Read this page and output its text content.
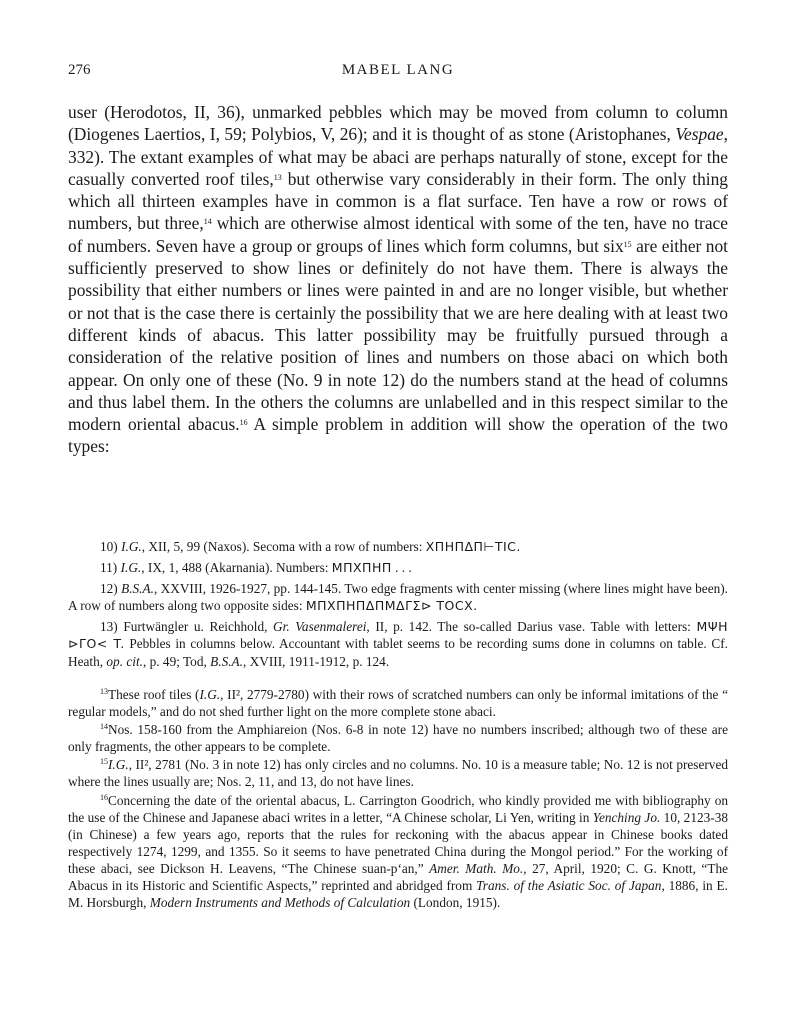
276	MABEL LANG
user (Herodotos, II, 36), unmarked pebbles which may be moved from column to column (Diogenes Laertios, I, 59; Polybios, V, 26); and it is thought of as stone (Aristophanes, Vespae, 332). The extant examples of what may be abaci are perhaps naturally of stone, except for the casually converted roof tiles,$^{13}$ but otherwise vary considerably in their form. The only thing which all thirteen examples have in common is a flat surface. Ten have a row or rows of numbers, but three,$^{14}$ which are otherwise almost identical with some of the ten, have no trace of numbers. Seven have a group or groups of lines which form columns, but six$^{15}$ are either not sufficiently preserved to show lines or definitely do not have them. There is always the possibility that either numbers or lines were painted in and are no longer visible, but whether or not that is the case there is certainly the possibility that we are here dealing with at least two different kinds of abacus. This latter possibility may be fruitfully pursued through a consideration of the relative position of lines and numbers on those abaci on which both appear. On only one of these (No. 9 in note 12) do the numbers stand at the head of columns and thus label them. In the others the columns are unlabelled and in this respect similar to the modern oriental abacus.$^{16}$ A simple problem in addition will show the operation of the two types:

10) I.G., XII, 5, 99 (Naxos). Secoma with a row of numbers: XΠHΠΔΠ⊢TIC.

11) I.G., IX, 1, 488 (Akarnania). Numbers: MΠXΠHΠ . . .

12) B.S.A., XXVIII, 1926-1927, pp. 144-145. Two edge fragments with center missing (where lines might have been). A row of numbers along two opposite sides: MΠXΠHΠΔΠMΔΓΣ⊳ TOCX.

13) Furtwängler u. Reichhold, Gr. Vasenmalerei, II, p. 142. The so-called Darius vase. Table with letters: MΨH ⊳ΓO< T. Pebbles in columns below. Accountant with tablet seems to be recording sums done in columns on table. Cf. Heath, op. cit., p. 49; Tod, B.S.A., XVIII, 1911-1912, p. 124.

$^{13}$These roof tiles (I.G., II², 2779-2780) with their rows of scratched numbers can only be informal imitations of the “ regular models,” and do not shed further light on the more complete stone abaci.

$^{14}$Nos. 158-160 from the Amphiareion (Nos. 6-8 in note 12) have no numbers inscribed; although two of these are only fragments, the other appears to be complete.

$^{15}$I.G., II², 2781 (No. 3 in note 12) has only circles and no columns. No. 10 is a measure table; No. 12 is not preserved where the lines usually are; Nos. 2, 11, and 13, do not have lines.

$^{16}$Concerning the date of the oriental abacus, L. Carrington Goodrich, who kindly provided me with bibliography on the use of the Chinese and Japanese abaci writes in a letter, “A Chinese scholar, Li Yen, writing in Yenching Jo. 10, 2123-38 (in Chinese) a few years ago, reports that the rules for reckoning with the abacus appear in Chinese books dated respectively 1274, 1299, and 1355. So it seems to have penetrated China during the Mongol period.” For the working of these abaci, see Dickson H. Leavens, “The Chinese suan-p‘an,” Amer. Math. Mo., 27, April, 1920; C. G. Knott, “The Abacus in its Historic and Scientific Aspects,” reprinted and abridged from Trans. of the Asiatic Soc. of Japan, 1886, in E. M. Horsburgh, Modern Instruments and Methods of Calculation (London, 1915).
